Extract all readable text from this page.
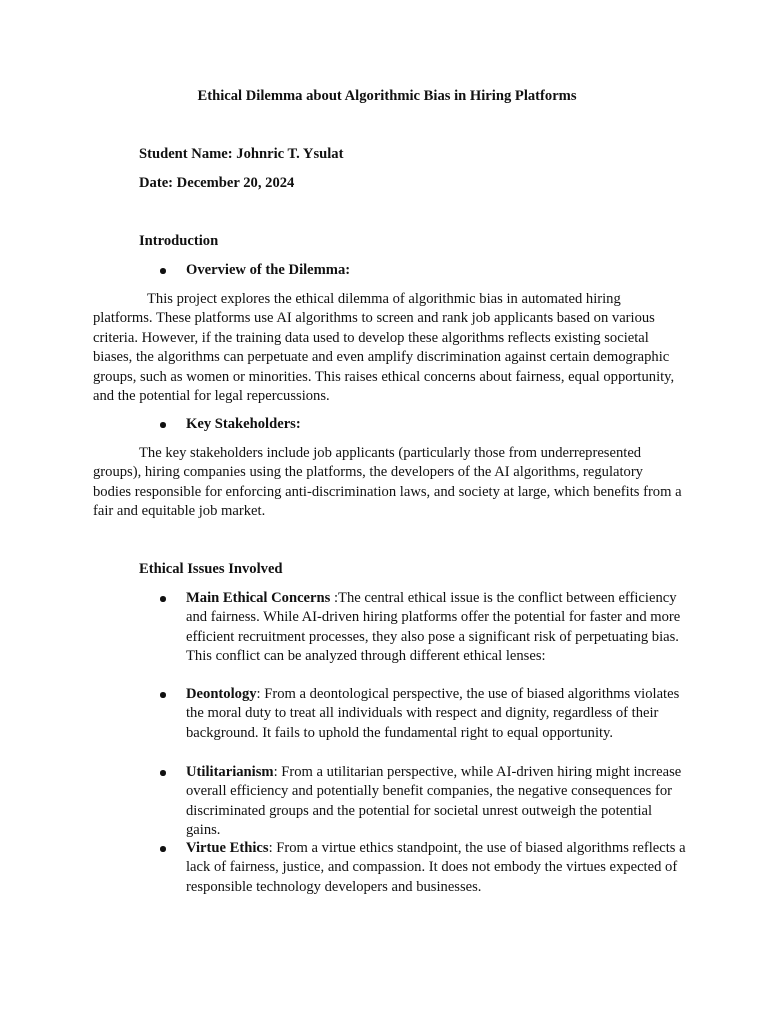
Ethical Dilemma about Algorithmic Bias in Hiring Platforms

Student Name: Johnric T. Ysulat

Date: December 20, 2024

Introduction

Overview of the Dilemma:

This project explores the ethical dilemma of algorithmic bias in automated hiring platforms. These platforms use AI algorithms to screen and rank job applicants based on various criteria. However, if the training data used to develop these algorithms reflects existing societal biases, the algorithms can perpetuate and even amplify discrimination against certain demographic groups, such as women or minorities. This raises ethical concerns about fairness, equal opportunity, and the potential for legal repercussions.

Key Stakeholders:

The key stakeholders include job applicants (particularly those from underrepresented groups), hiring companies using the platforms, the developers of the AI algorithms, regulatory bodies responsible for enforcing anti-discrimination laws, and society at large, which benefits from a fair and equitable job market.

Ethical Issues Involved

Main Ethical Concerns :The central ethical issue is the conflict between efficiency and fairness. While AI-driven hiring platforms offer the potential for faster and more efficient recruitment processes, they also pose a significant risk of perpetuating bias. This conflict can be analyzed through different ethical lenses:

Deontology: From a deontological perspective, the use of biased algorithms violates the moral duty to treat all individuals with respect and dignity, regardless of their background. It fails to uphold the fundamental right to equal opportunity.

Utilitarianism: From a utilitarian perspective, while AI-driven hiring might increase overall efficiency and potentially benefit companies, the negative consequences for discriminated groups and the potential for societal unrest outweigh the potential gains.

Virtue Ethics: From a virtue ethics standpoint, the use of biased algorithms reflects a lack of fairness, justice, and compassion. It does not embody the virtues expected of responsible technology developers and businesses.
